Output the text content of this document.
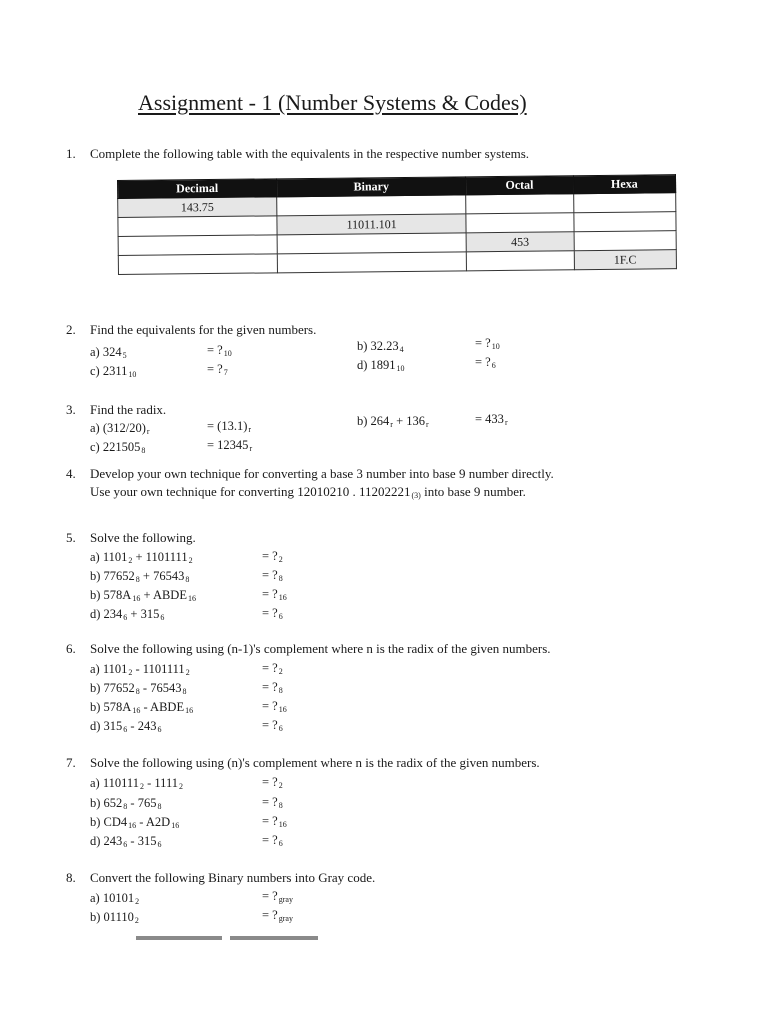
Assignment - 1 (Number Systems & Codes)
1. Complete the following table with the equivalents in the respective number systems.
Decimal	Binary	Octal	Hexa
143.75			
	11011.101		
		453	
			1F.C
2. Find the equivalents for the given numbers.
a) $324_5$	= $?_{10}$
b) $32.23_4$	= $?_{10}$
c) $2311_{10}$	= $?_7$
d) $1891_{10}$	= $?_6$
3. Find the radix.
a) $(312/20)_r$	= $(13.1)_r$
b) $264_r + 136_r$	= $433_r$
c) $221505_8$	= $12345_r$
4. Develop your own technique for converting a base 3 number into base 9 number directly.
Use your own technique for converting 12010210 . $11202221_{(3)}$ into base 9 number.
5. Solve the following.
a) $1101_2 + 1101111_2$	= $?_2$
b) $77652_8 + 76543_8$	= $?_8$
b) $578A_{16}$ + $ABDE_{16}$	= $?_{16}$
d) $234_6 + 315_6$	= $?_6$
6. Solve the following using (n-1)'s complement where n is the radix of the given numbers.
a) $1101_2 - 1101111_2$	= $?_2$
b) $77652_8 - 76543_8$	= $?_8$
b) $578A_{16}$ - $ABDE_{16}$	= $?_{16}$
d) $315_6 - 243_6$	= $?_6$
7. Solve the following using (n)'s complement where n is the radix of the given numbers.
a) $110111_2 - 1111_2$	= $?_2$
b) $652_8 - 765_8$	= $?_8$
b) $CD4_{16} - A2D_{16}$	= $?_{16}$
d) $243_6 - 315_6$	= $?_6$
8. Convert the following Binary numbers into Gray code.
a) $10101_2$	= $?_{gray}$
b) $01110_2$	= $?_{gray}$
